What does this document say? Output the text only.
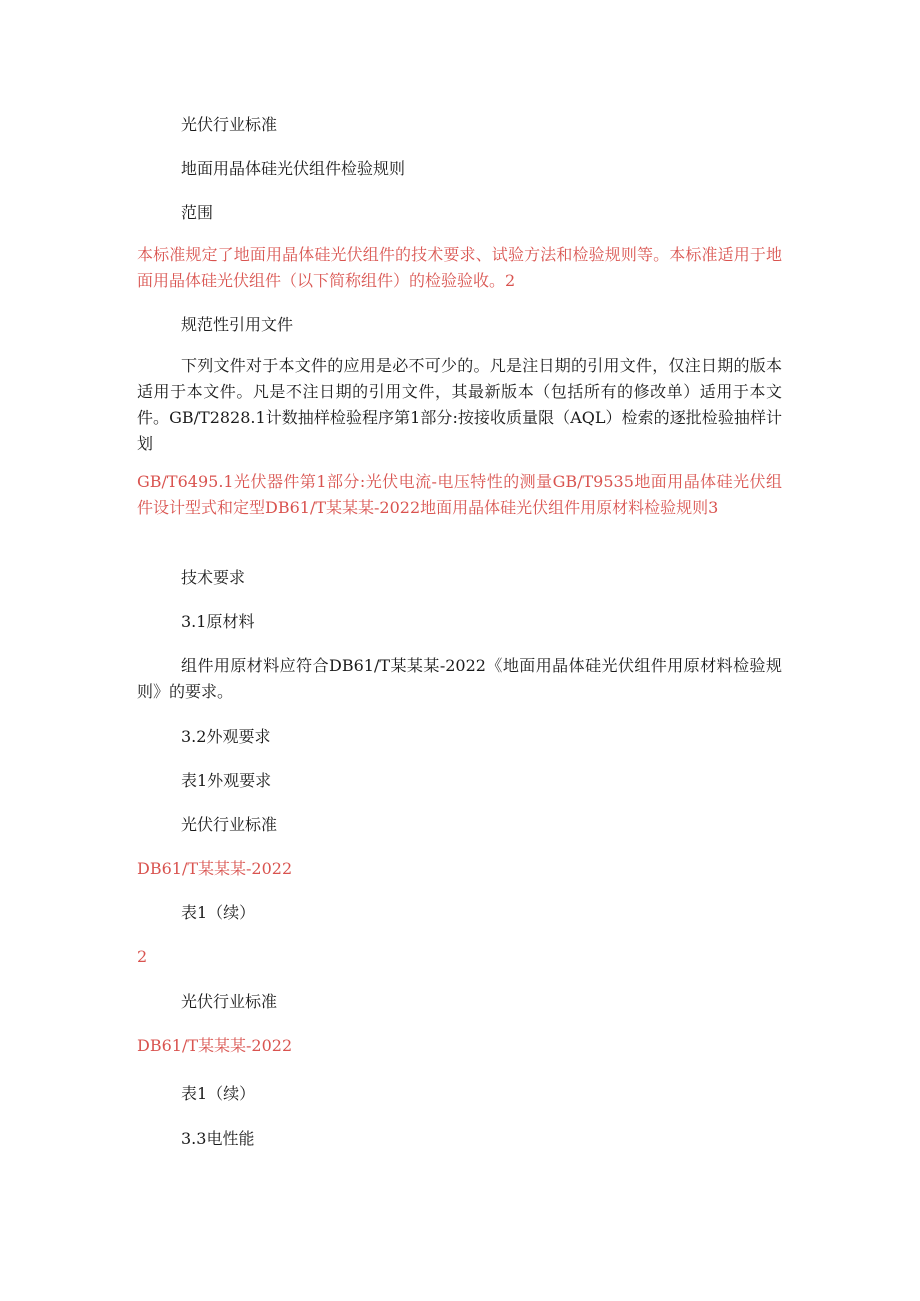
光伏行业标准

地面用晶体硅光伏组件检验规则

范围

本标准规定了地面用晶体硅光伏组件的技术要求、试验方法和检验规则等。本标准适用于地面用晶体硅光伏组件（以下简称组件）的检验验收。2

规范性引用文件

下列文件对于本文件的应用是必不可少的。凡是注日期的引用文件，仅注日期的版本适用于本文件。凡是不注日期的引用文件，其最新版本（包括所有的修改单）适用于本文件。GB/T2828.1计数抽样检验程序第1部分:按接收质量限（AQL）检索的逐批检验抽样计划

GB/T6495.1光伏器件第1部分:光伏电流-电压特性的测量GB/T9535地面用晶体硅光伏组件设计型式和定型DB61/T某某某-2022地面用晶体硅光伏组件用原材料检验规则3

技术要求

3.1原材料

组件用原材料应符合DB61/T某某某-2022《地面用晶体硅光伏组件用原材料检验规则》的要求。

3.2外观要求

表1外观要求

光伏行业标准

DB61/T某某某-2022

表1（续）

2

光伏行业标准

DB61/T某某某-2022

表1（续）

3.3电性能
